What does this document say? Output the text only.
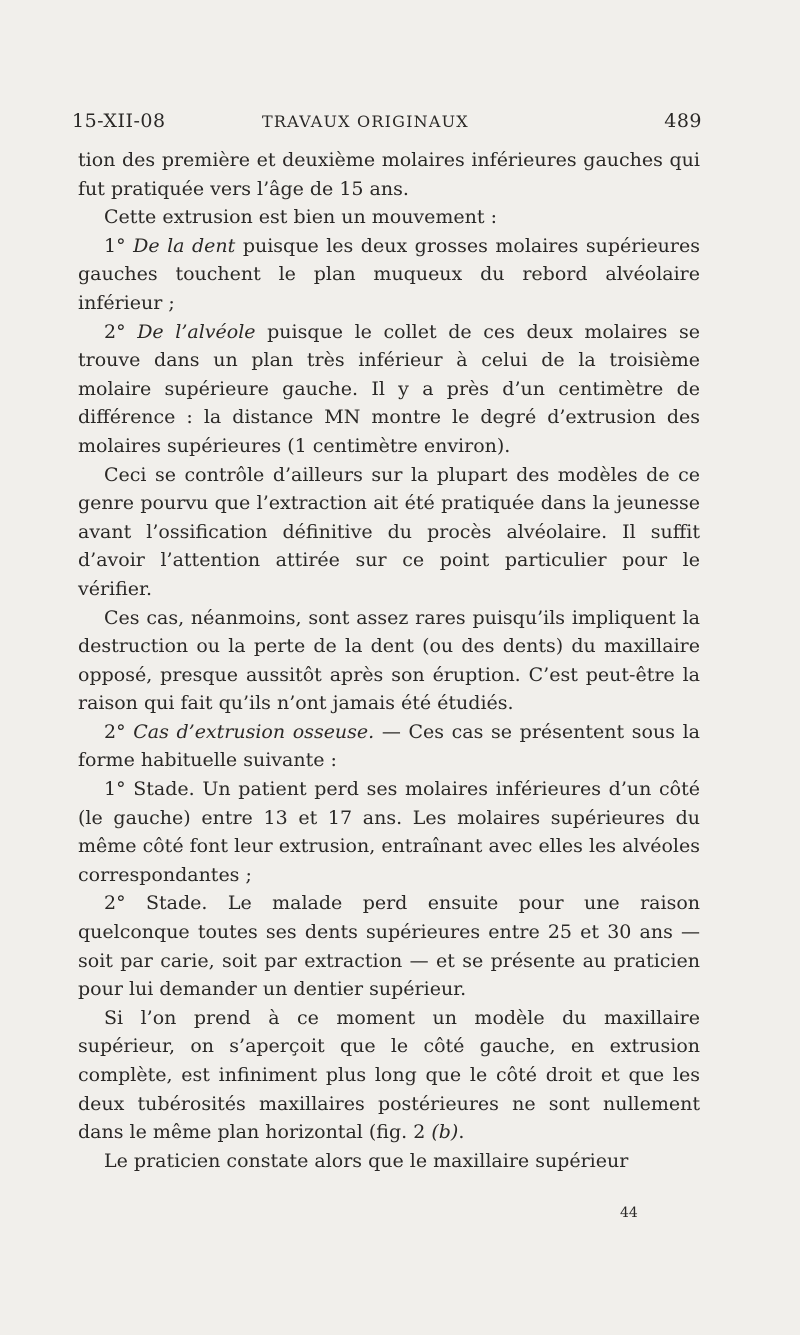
15-XII-08	TRAVAUX ORIGINAUX	489

tion des première et deuxième molaires inférieures gauches qui fut pratiquée vers l’âge de 15 ans.

Cette extrusion est bien un mouvement :

1° De la dent puisque les deux grosses molaires supérieures gauches touchent le plan muqueux du rebord alvéolaire inférieur ;

2° De l’alvéole puisque le collet de ces deux molaires se trouve dans un plan très inférieur à celui de la troisième molaire supérieure gauche. Il y a près d’un centimètre de différence : la distance MN montre le degré d’extrusion des molaires supérieures (1 centimètre environ).

Ceci se contrôle d’ailleurs sur la plupart des modèles de ce genre pourvu que l’extraction ait été pratiquée dans la jeunesse avant l’ossification définitive du procès alvéolaire. Il suffit d’avoir l’attention attirée sur ce point particulier pour le vérifier.

Ces cas, néanmoins, sont assez rares puisqu’ils impliquent la destruction ou la perte de la dent (ou des dents) du maxillaire opposé, presque aussitôt après son éruption. C’est peut-être la raison qui fait qu’ils n’ont jamais été étudiés.

2° Cas d’extrusion osseuse. — Ces cas se présentent sous la forme habituelle suivante :

1° Stade. Un patient perd ses molaires inférieures d’un côté (le gauche) entre 13 et 17 ans. Les molaires supérieures du même côté font leur extrusion, entraînant avec elles les alvéoles correspondantes ;

2° Stade. Le malade perd ensuite pour une raison quelconque toutes ses dents supérieures entre 25 et 30 ans — soit par carie, soit par extraction — et se présente au praticien pour lui demander un dentier supérieur.

Si l’on prend à ce moment un modèle du maxillaire supérieur, on s’aperçoit que le côté gauche, en extrusion complète, est infiniment plus long que le côté droit et que les deux tubérosités maxillaires postérieures ne sont nullement dans le même plan horizontal (fig. 2 (b).

Le praticien constate alors que le maxillaire supérieur

44
